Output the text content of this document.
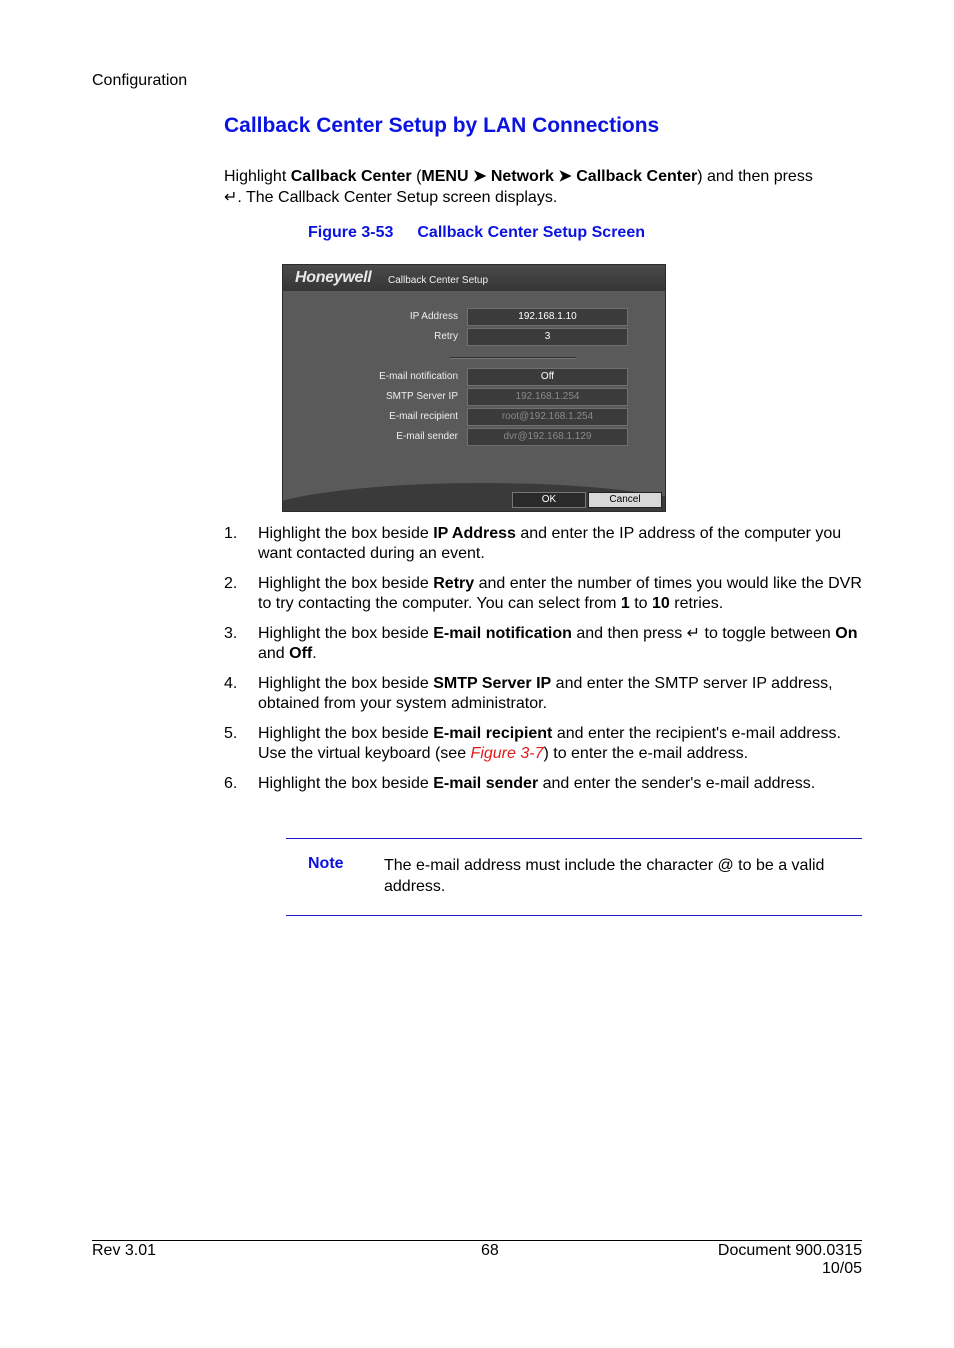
Configuration
Callback Center Setup by LAN Connections
Highlight Callback Center (MENU ➤ Network ➤ Callback Center) and then press
↵. The Callback Center Setup screen displays.
Figure 3-53 Callback Center Setup Screen
Honeywell Callback Center Setup
IP Address	192.168.1.10
Retry	3
E-mail notification	Off
SMTP Server IP	192.168.1.254
E-mail recipient	root@192.168.1.254
E-mail sender	dvr@192.168.1.129
OK	Cancel
1. Highlight the box beside IP Address and enter the IP address of the computer you want contacted during an event.
2. Highlight the box beside Retry and enter the number of times you would like the DVR to try contacting the computer. You can select from 1 to 10 retries.
3. Highlight the box beside E-mail notification and then press ↵ to toggle between On and Off.
4. Highlight the box beside SMTP Server IP and enter the SMTP server IP address, obtained from your system administrator.
5. Highlight the box beside E-mail recipient and enter the recipient's e-mail address. Use the virtual keyboard (see Figure 3-7) to enter the e-mail address.
6. Highlight the box beside E-mail sender and enter the sender's e-mail address.
Note	The e-mail address must include the character @ to be a valid address.
Rev 3.01	68	Document 900.0315
10/05
